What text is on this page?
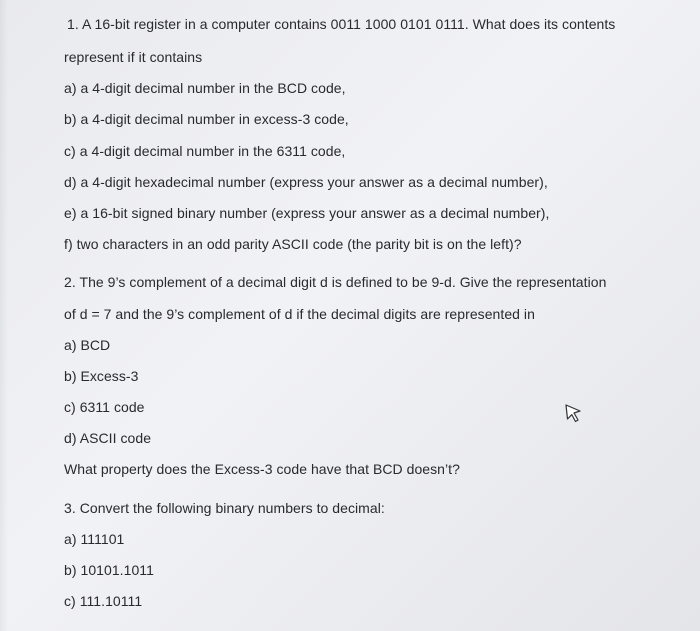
1. A 16-bit register in a computer contains 0011 1000 0101 0111. What does its contents
represent if it contains
a) a 4-digit decimal number in the BCD code,
b) a 4-digit decimal number in excess-3 code,
c) a 4-digit decimal number in the 6311 code,
d) a 4-digit hexadecimal number (express your answer as a decimal number),
e) a 16-bit signed binary number (express your answer as a decimal number),
f) two characters in an odd parity ASCII code (the parity bit is on the left)?
2. The 9’s complement of a decimal digit d is defined to be 9-d. Give the representation
of d = 7 and the 9’s complement of d if the decimal digits are represented in
a) BCD
b) Excess-3
c) 6311 code
d) ASCII code
What property does the Excess-3 code have that BCD doesn’t?
3. Convert the following binary numbers to decimal:
a) 111101
b) 10101.1011
c) 111.10111
